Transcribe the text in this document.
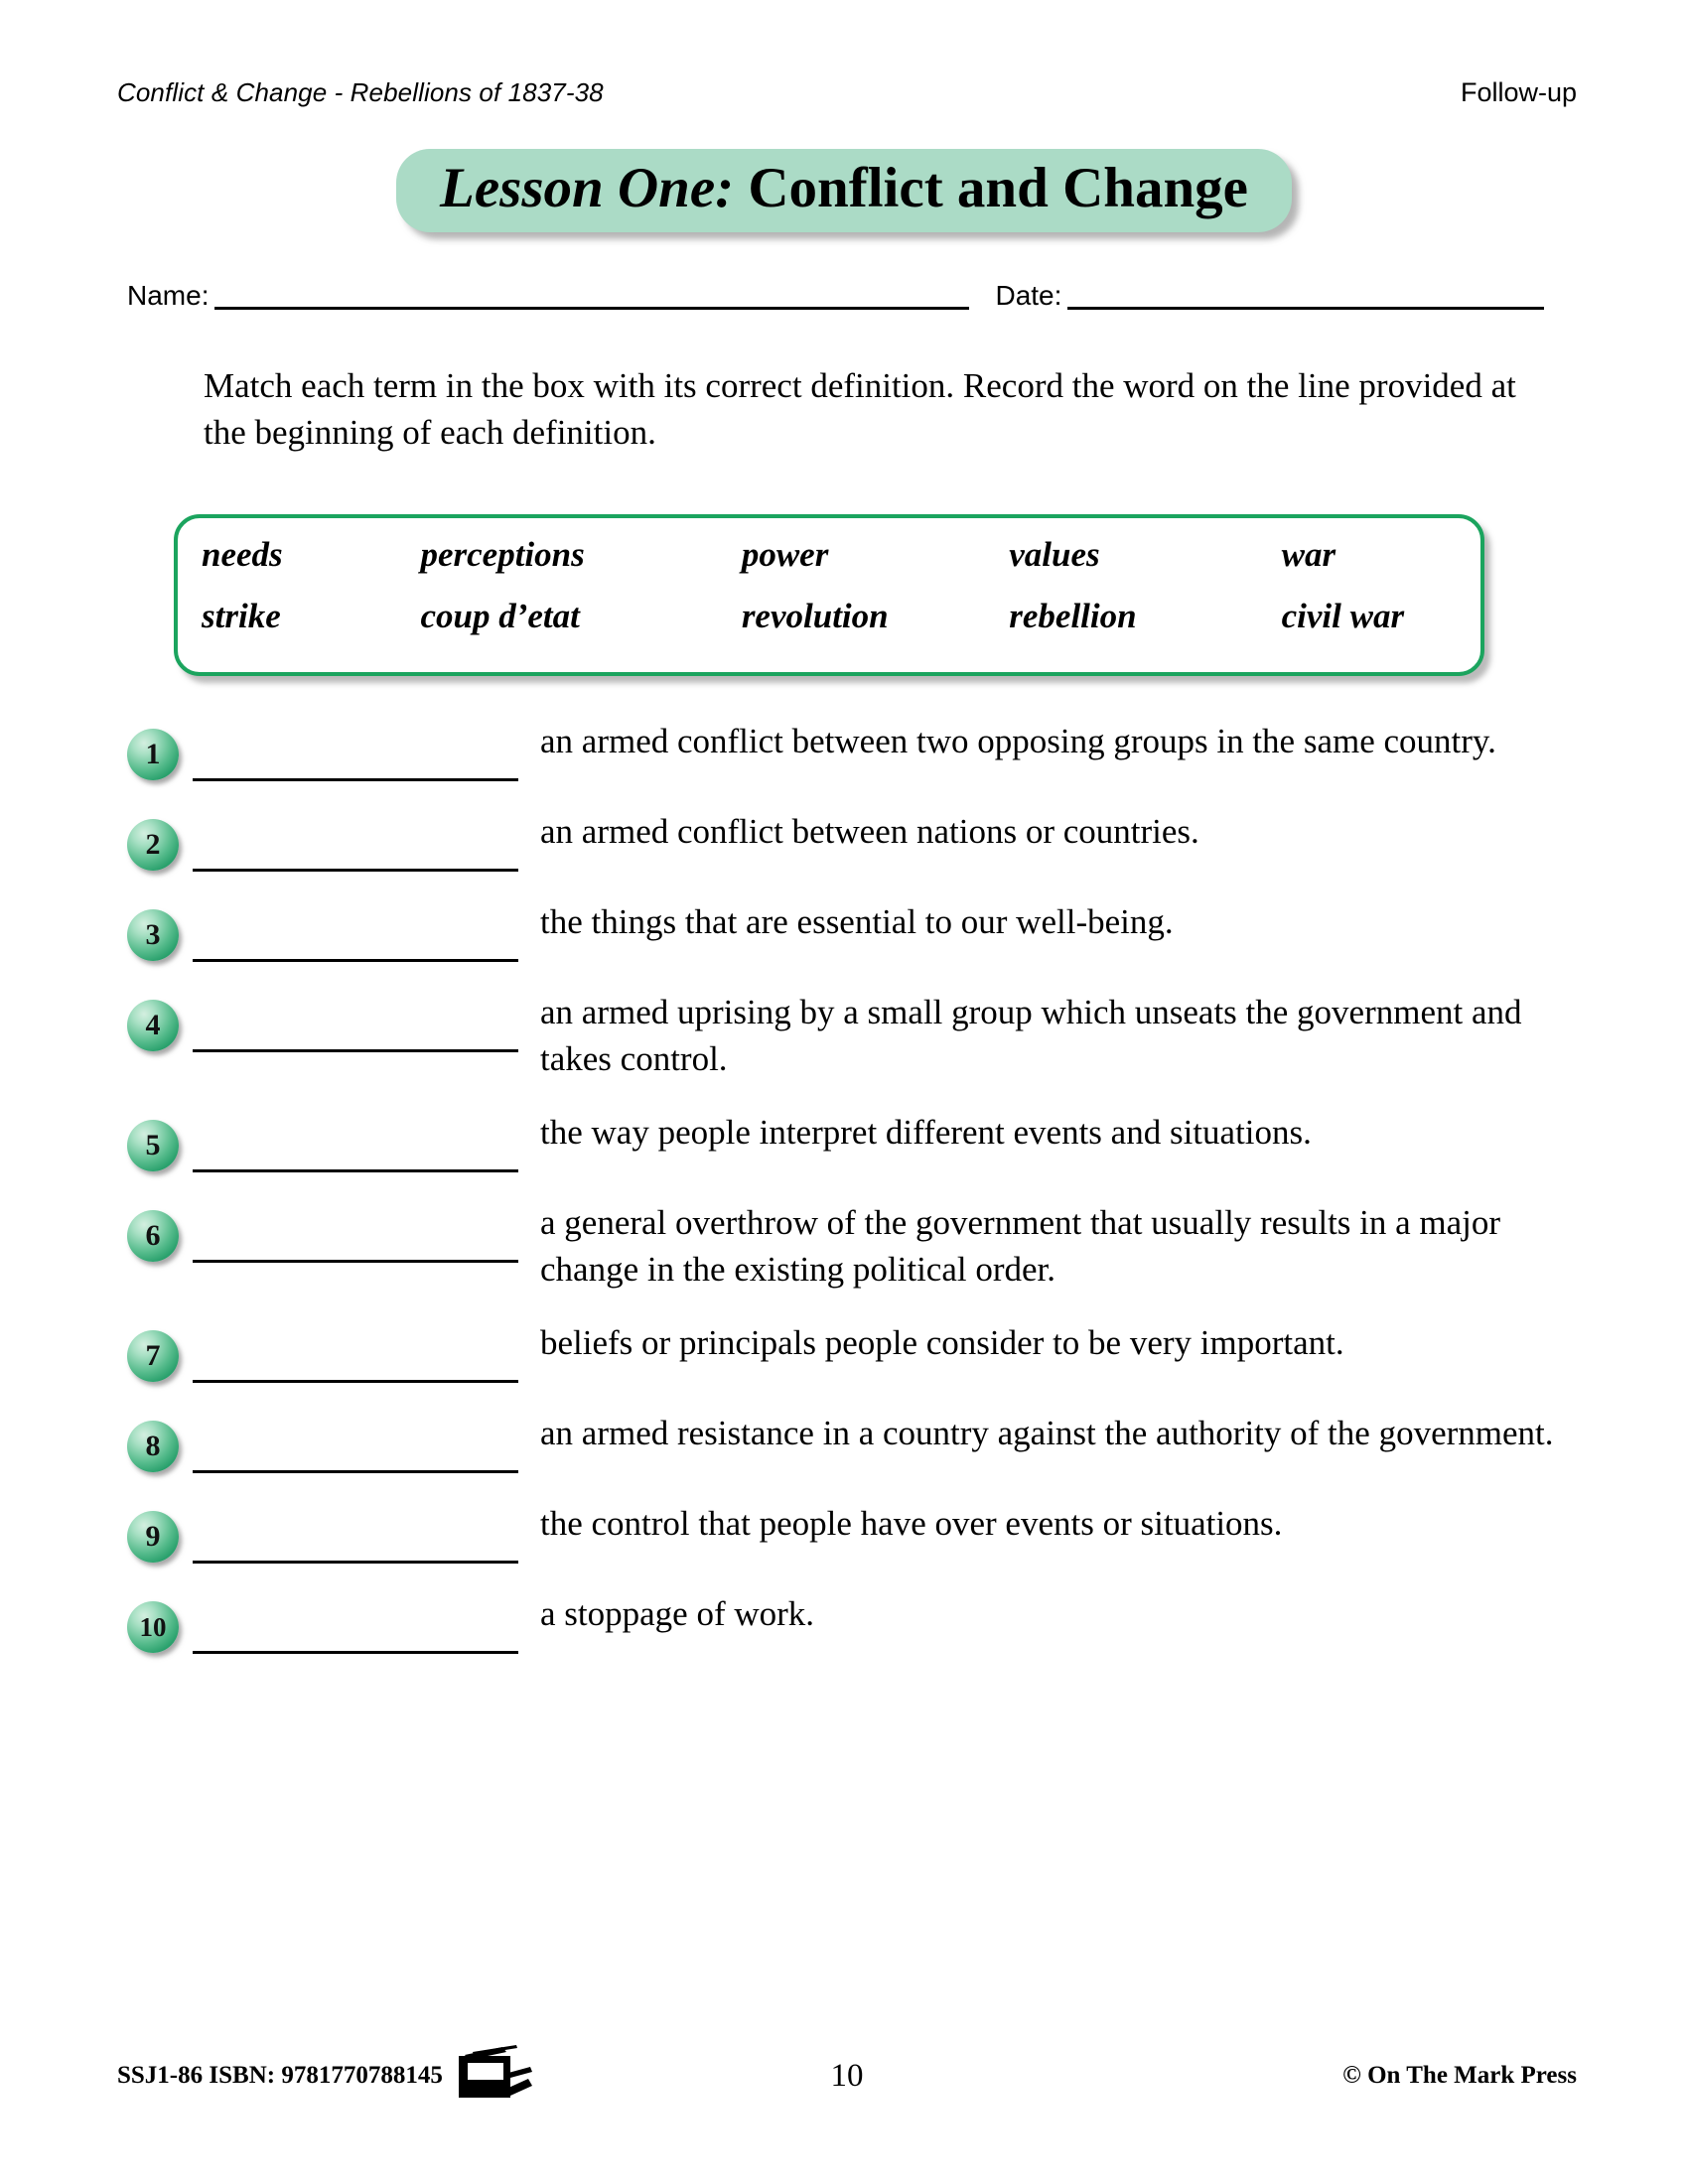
Conflict & Change - Rebellions of 1837-38	Follow-up
Lesson One: Conflict and Change
Name:	Date:
Match each term in the box with its correct definition. Record the word on the line provided at the beginning of each definition.
needs	perceptions	power	values	war
strike	coup d’etat	revolution	rebellion	civil war
1	an armed conflict between two opposing groups in the same country.
2	an armed conflict between nations or countries.
3	the things that are essential to our well-being.
4	an armed uprising by a small group which unseats the government and takes control.
5	the way people interpret different events and situations.
6	a general overthrow of the government that usually results in a major change in the existing political order.
7	beliefs or principals people consider to be very important.
8	an armed resistance in a country against the authority of the government.
9	the control that people have over events or situations.
10	a stoppage of work.
SSJ1-86 ISBN: 9781770788145	10	© On The Mark Press
